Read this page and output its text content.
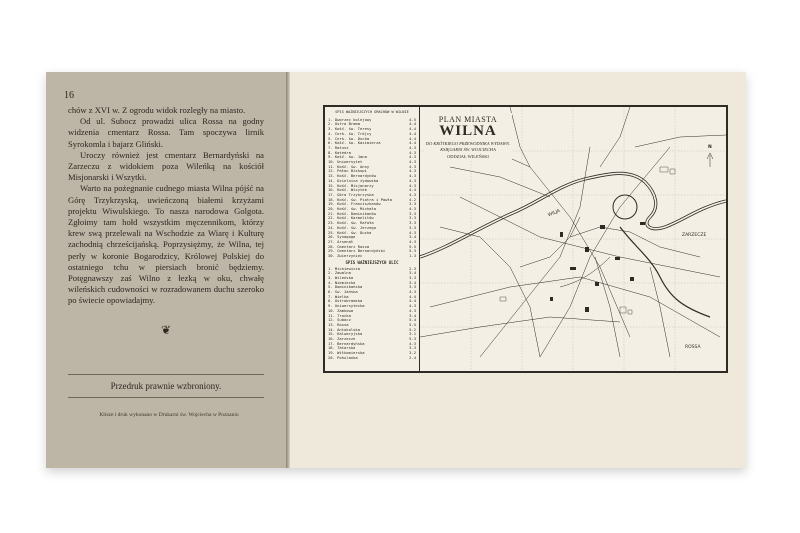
16

chów z XVI w. Z ogrodu widok rozległy na miasto.

Od ul. Subocz prowadzi ulica Rossa na godny widzenia cmentarz Rossa. Tam spoczywa lirnik Syrokomla i bajarz Gliński.

Uroczy również jest cmentarz Bernardyński na Zarzeczu z widokiem poza Wileńką na kościół Misjonarski i Wszytki.

Warto na pożegnanie cudnego miasta Wilna pójść na Górę Trzykrzyską, uwieńczoną białemi krzyżami projektu Wiwulskiego. To nasza narodowa Golgota. Zgłoimy tam hołd wszystkim męczennikom, którzy krew swą przelewali na Wschodzie za Wiarę i Kulturę zachodnią chrześcijańską. Poprzysiężmy, że Wilna, tej perły w koronie Bogarodzicy, Królowej Polskiej do ostatniego tchu w piersiach bronić będziemy. Potęgnawszy zaś Wilno z łezką w oku, chwałę wileńskich cudowności w rozradowanem duchu szeroko po świecie opowiadajmy.

❦
Przedruk prawnie wzbroniony.
Klisze i druk wykonano w Drukarni św. Wojciecha w Poznaniu
SPIS WAŻNIEJSZYCH GMACHÓW W WILNIE
1. Dworzec kolejowy	4-5
2. Ostra Brama	4-4
3. Kość. św. Teresy	4-4
4. Cerk. św. Trójcy	4-4
5. Cerk. św. Ducha	4-4
6. Kość. św. Kazimierza	4-4
7. Ratusz	4-3
8. Katedra	4-3
9. Kość. św. Jana	4-3
10. Uniwersytet	4-3
11. Kość. św. Anny	4-3
12. Pałac Biskupi	4-3
13. Kość. Bernardynów	4-3
14. Dzielnica żydowska	4-3
15. Kość. Misjonarzy	4-3
16. Kość. Wizytek	4-4
17. Góra Trzykrzyska	4-3
18. Kość. św. Piotra i Pawła	4-2
19. Kość. Franciszkanów	3-3
20. Kość. św. Michała	4-3
21. Kość. Dominikanów	3-3
22. Kość. Karmelitów	3-3
23. Kość. św. Rafała	3-3
24. Kość. św. Jerzego	3-3
25. Kość. św. Ducha	4-3
26. Synagoga	3-4
27. Arsenał	4-3
28. Cmentarz Rossa	5-5
29. Cmentarz Bernardyński	5-3
30. Zwierzyniec	1-3
SPIS WAŻNIEJSZYCH ULIC
1. Mickiewicza	2-3
2. Zawalna	3-4
3. Wileńska	3-3
4. Niemiecka	3-4
5. Dominikańska	3-3
6. Św. Jańska	4-3
7. Wielka	4-4
8. Ostrobramska	4-4
9. Uniwersytecka	4-3
10. Zamkowa	4-3
11. Trocka	3-4
12. Subocz	5-4
13. Rossa	5-5
14. Antokolska	5-2
15. Kalwaryjska	3-1
16. Zarzecze	5-3
17. Bernardyńska	4-3
18. Tatarska	3-3
19. Wiłkomierska	3-2
20. Pohulanka	2-4
PLAN MIASTA
WILNA
DO KRÓTKIEGO PRZEWODNIKA WYDAWN. KSIĘGARNI ŚW. WOJCIECHA
ODDZIAŁ WILEŃSKI
WILJA
ZARZECZE
ROSSA
N
